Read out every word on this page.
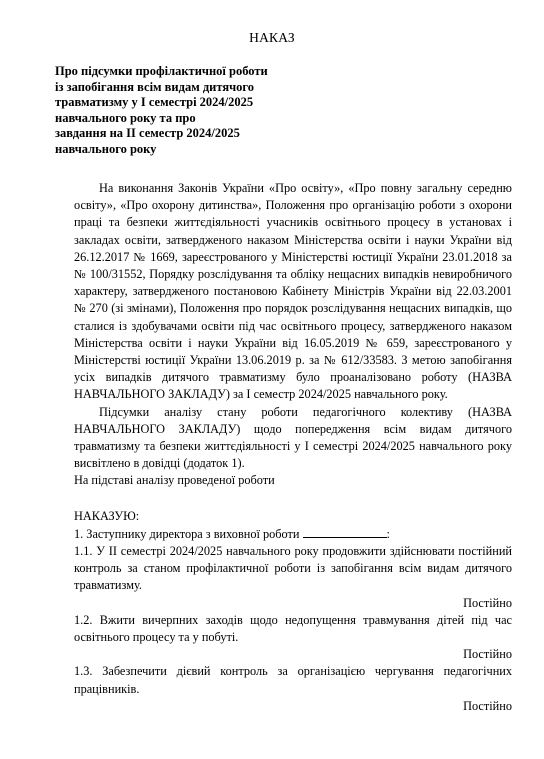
НАКАЗ
Про підсумки профілактичної роботи
із запобігання всім видам дитячого
травматизму у І семестрі 2024/2025
навчального року та про
завдання на ІІ семестр 2024/2025
навчального року

На виконання Законів України «Про освіту», «Про повну загальну середню освіту», «Про охорону дитинства», Положення про організацію роботи з охорони праці та безпеки життєдіяльності учасників освітнього процесу в установах і закладах освіти, затвердженого наказом Міністерства освіти і науки України від 26.12.2017 № 1669, зареєстрованого у Міністерстві юстиції України 23.01.2018 за № 100/31552, Порядку розслідування та обліку нещасних випадків невиробничого характеру, затвердженого постановою Кабінету Міністрів України від 22.03.2001 № 270 (зі змінами), Положення про порядок розслідування нещасних випадків, що сталися із здобувачами освіти під час освітнього процесу, затвердженого наказом Міністерства освіти і науки України від 16.05.2019 № 659, зареєстрованого у Міністерстві юстиції України 13.06.2019 р. за № 612/33583. З метою запобігання усіх випадків дитячого травматизму було проаналізовано роботу (НАЗВА НАВЧАЛЬНОГО ЗАКЛАДУ) за І семестр 2024/2025 навчального року.

Підсумки аналізу стану роботи педагогічного колективу (НАЗВА НАВЧАЛЬНОГО ЗАКЛАДУ) щодо попередження всім видам дитячого травматизму та безпеки життєдіяльності у І семестрі 2024/2025 навчального року висвітлено в довідці (додаток 1).

На підставі аналізу проведеної роботи

НАКАЗУЮ:

1. Заступнику директора з виховної роботи	:

1.1. У ІІ семестрі 2024/2025 навчального року продовжити здійснювати постійний контроль за станом профілактичної роботи із запобігання всім видам дитячого травматизму.

Постійно

1.2. Вжити вичерпних заходів щодо недопущення травмування дітей під час освітнього процесу та у побуті.

Постійно

1.3. Забезпечити дієвий контроль за організацією чергування педагогічних працівників.

Постійно
